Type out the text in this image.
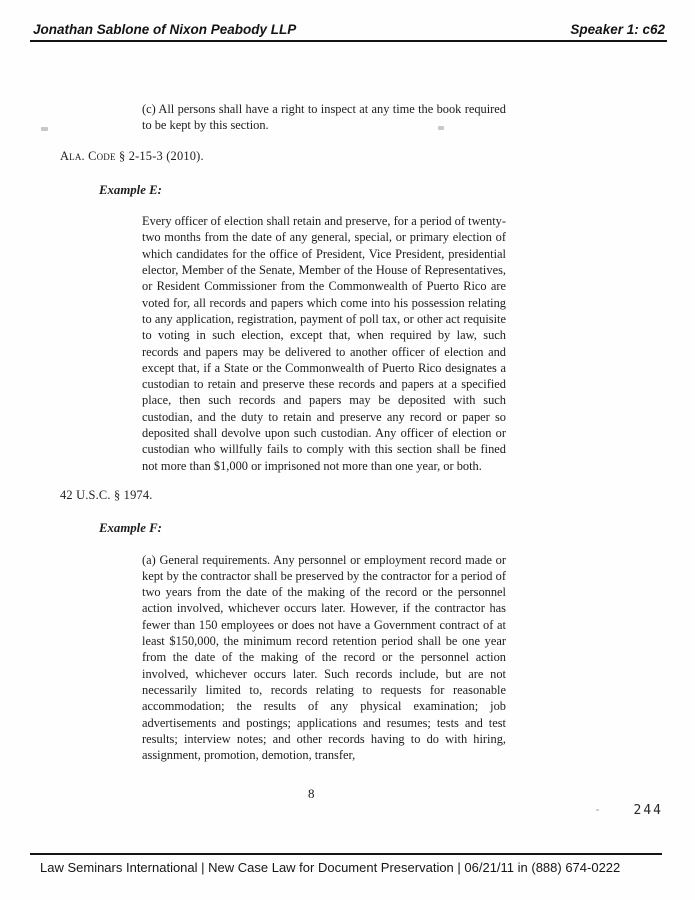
Jonathan Sablone of Nixon Peabody LLP	Speaker 1: c62

(c) All persons shall have a right to inspect at any time the book required to be kept by this section.

Ala. Code § 2-15-3 (2010).

Example E:

Every officer of election shall retain and preserve, for a period of twenty-two months from the date of any general, special, or primary election of which candidates for the office of President, Vice President, presidential elector, Member of the Senate, Member of the House of Representatives, or Resident Commissioner from the Commonwealth of Puerto Rico are voted for, all records and papers which come into his possession relating to any application, registration, payment of poll tax, or other act requisite to voting in such election, except that, when required by law, such records and papers may be delivered to another officer of election and except that, if a State or the Commonwealth of Puerto Rico designates a custodian to retain and preserve these records and papers at a specified place, then such records and papers may be deposited with such custodian, and the duty to retain and preserve any record or paper so deposited shall devolve upon such custodian. Any officer of election or custodian who willfully fails to comply with this section shall be fined not more than $1,000 or imprisoned not more than one year, or both.

42 U.S.C. § 1974.

Example F:

(a) General requirements. Any personnel or employment record made or kept by the contractor shall be preserved by the contractor for a period of two years from the date of the making of the record or the personnel action involved, whichever occurs later. However, if the contractor has fewer than 150 employees or does not have a Government contract of at least $150,000, the minimum record retention period shall be one year from the date of the making of the record or the personnel action involved, whichever occurs later. Such records include, but are not necessarily limited to, records relating to requests for reasonable accommodation; the results of any physical examination; job advertisements and postings; applications and resumes; tests and test results; interview notes; and other records having to do with hiring, assignment, promotion, demotion, transfer,

8
244
Law Seminars International | New Case Law for Document Preservation | 06/21/11 in (888) 674-0222
